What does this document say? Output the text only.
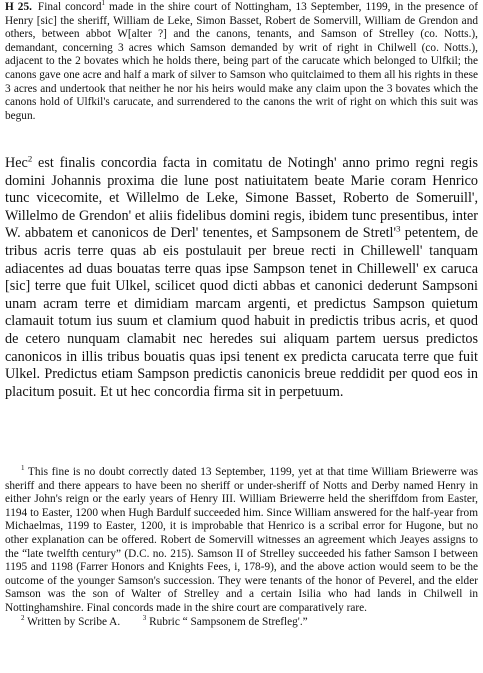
H 25. Final concord$^1$ made in the shire court of Nottingham, 13 September, 1199, in the presence of Henry [sic] the sheriff, William de Leke, Simon Basset, Robert de Somervill, William de Grendon and others, between abbot W[alter ?] and the canons, tenants, and Samson of Strelley (co. Notts.), demandant, concerning 3 acres which Samson demanded by writ of right in Chilwell (co. Notts.), adjacent to the 2 bovates which he holds there, being part of the carucate which belonged to Ulfkil; the canons gave one acre and half a mark of silver to Samson who quitclaimed to them all his rights in these 3 acres and undertook that neither he nor his heirs would make any claim upon the 3 bovates which the canons hold of Ulfkil's carucate, and surrendered to the canons the writ of right on which this suit was begun.
Hec$^2$ est finalis concordia facta in comitatu de Notingh' anno primo regni regis domini Johannis proxima die lune post natiuitatem beate Marie coram Henrico tunc vicecomite, et Willelmo de Leke, Simone Basset, Roberto de Someruill', Willelmo de Grendon' et aliis fidelibus domini regis, ibidem tunc presentibus, inter W. abbatem et canonicos de Derl' tenentes, et Sampsonem de $Stretl'^3$ petentem, de tribus acris terre quas ab eis postulauit per breue recti in Chillewell' tanquam adiacentes ad duas bouatas terre quas ipse Sampson tenet in Chillewell' ex caruca [sic] terre que fuit Ulkel, scilicet quod dicti abbas et canonici dederunt Sampsoni unam acram terre et dimidiam marcam argenti, et predictus Sampson quietum clamauit totum ius suum et clamium quod habuit in predictis tribus acris, et quod de cetero nunquam clamabit nec heredes sui aliquam partem uersus predictos canonicos in illis tribus bouatis quas ipsi tenent ex predicta carucata terre que fuit Ulkel. Predictus etiam Sampson predictis canonicis breue reddidit per quod eos in placitum posuit. Et ut hec concordia firma sit in perpetuum.

$^1$ This fine is no doubt correctly dated 13 September, 1199, yet at that time William Briewerre was sheriff and there appears to have been no sheriff or under-sheriff of Notts and Derby named Henry in either John's reign or the early years of Henry III. William Briewerre held the sheriffdom from Easter, 1194 to Easter, 1200 when Hugh Bardulf succeeded him. Since William answered for the half-year from Michaelmas, 1199 to Easter, 1200, it is improbable that Henrico is a scribal error for Hugone, but no other explanation can be offered. Robert de Somervill witnesses an agreement which Jeayes assigns to the “late twelfth century” (D.C. no. 215). Samson II of Strelley succeeded his father Samson I between 1195 and 1198 (Farrer Honors and Knights Fees, i, 178-9), and the above action would seem to be the outcome of the younger Samson's succession. They were tenants of the honor of Peverel, and the elder Samson was the son of Walter of Strelley and a certain Isilia who had lands in Chilwell in Nottinghamshire. Final concords made in the shire court are comparatively rare.

$^2$ Written by Scribe A.	$^3$ Rubric “ Sampsonem de Strefleg'.”
